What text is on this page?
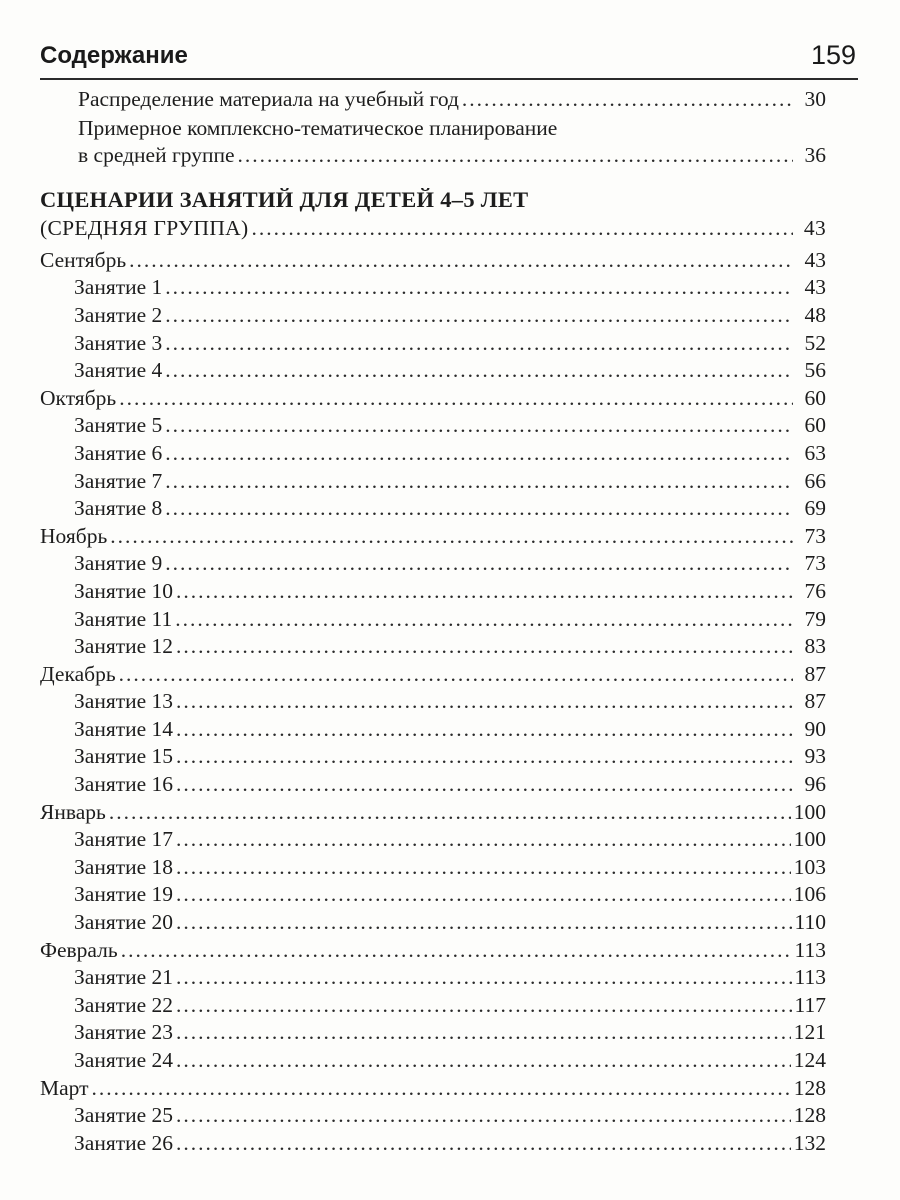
Содержание	159
Распределение материала на учебный год .....	30
Примерное комплексно-тематическое планирование
в средней группе .....	36
СЦЕНАРИИ ЗАНЯТИЙ ДЛЯ ДЕТЕЙ 4–5 ЛЕТ
(СРЕДНЯЯ ГРУППА) .....	43
Сентябрь .....	43
Занятие 1 .....	43
Занятие 2 .....	48
Занятие 3 .....	52
Занятие 4 .....	56
Октябрь .....	60
Занятие 5 .....	60
Занятие 6 .....	63
Занятие 7 .....	66
Занятие 8 .....	69
Ноябрь .....	73
Занятие 9 .....	73
Занятие 10 .....	76
Занятие 11 .....	79
Занятие 12 .....	83
Декабрь .....	87
Занятие 13 .....	87
Занятие 14 .....	90
Занятие 15 .....	93
Занятие 16 .....	96
Январь .....	100
Занятие 17 .....	100
Занятие 18 .....	103
Занятие 19 .....	106
Занятие 20 .....	110
Февраль .....	113
Занятие 21 .....	113
Занятие 22 .....	117
Занятие 23 .....	121
Занятие 24 .....	124
Март .....	128
Занятие 25 .....	128
Занятие 26 .....	132
